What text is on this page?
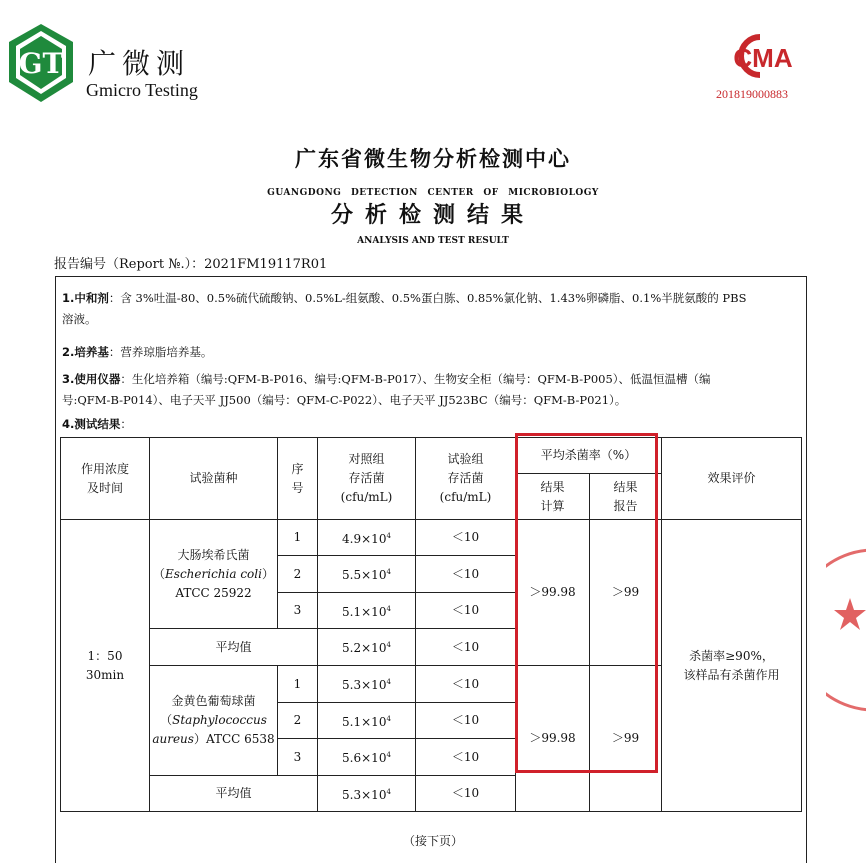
GT 广微测
Gmicro Testing
CMA
201819000883
广东省微生物分析检测中心
GUANGDONG DETECTION CENTER OF MICROBIOLOGY
分析检测结果
ANALYSIS AND TEST RESULT
报告编号（Report №.）：2021FM19117R01
1.中和剂：含 3%吐温-80、0.5%硫代硫酸钠、0.5%L-组氨酸、0.5%蛋白胨、0.85%氯化钠、1.43%卵磷脂、0.1%半胱氨酸的 PBS
溶液。
2.培养基：营养琼脂培养基。
3.使用仪器：生化培养箱（编号:QFM-B-P016、编号:QFM-B-P017）、生物安全柜（编号：QFM-B-P005）、低温恒温槽（编
号:QFM-B-P014）、电子天平 JJ500（编号：QFM-C-P022）、电子天平 JJ523BC（编号：QFM-B-P021）。
4.测试结果：
作用浓度
及时间	试验菌种	序
号	对照组
存活菌
(cfu/mL)	试验组
存活菌
(cfu/mL)	平均杀菌率（%）		效果评价
					结果
计算	结果
报告	
1：50
30min	大肠埃希氏菌
（Escherichia coli）
ATCC 25922	1	$4.9\times 10^4$	＜10	＞99.98	＞99	杀菌率≥90%，
该样品有杀菌作用
		2	$5.5\times 10^4$	＜10			
		3	$5.1\times 10^4$	＜10			
	平均值		$5.2\times 10^4$	＜10			
	金黄色葡萄球菌
（Staphylococcus
aureus）ATCC 6538	1	$5.3\times 10^4$	＜10	＞99.98	＞99	
		2	$5.1\times 10^4$	＜10			
		3	$5.6\times 10^4$	＜10			
	平均值		$5.3\times 10^4$	＜10			
（接下页）
